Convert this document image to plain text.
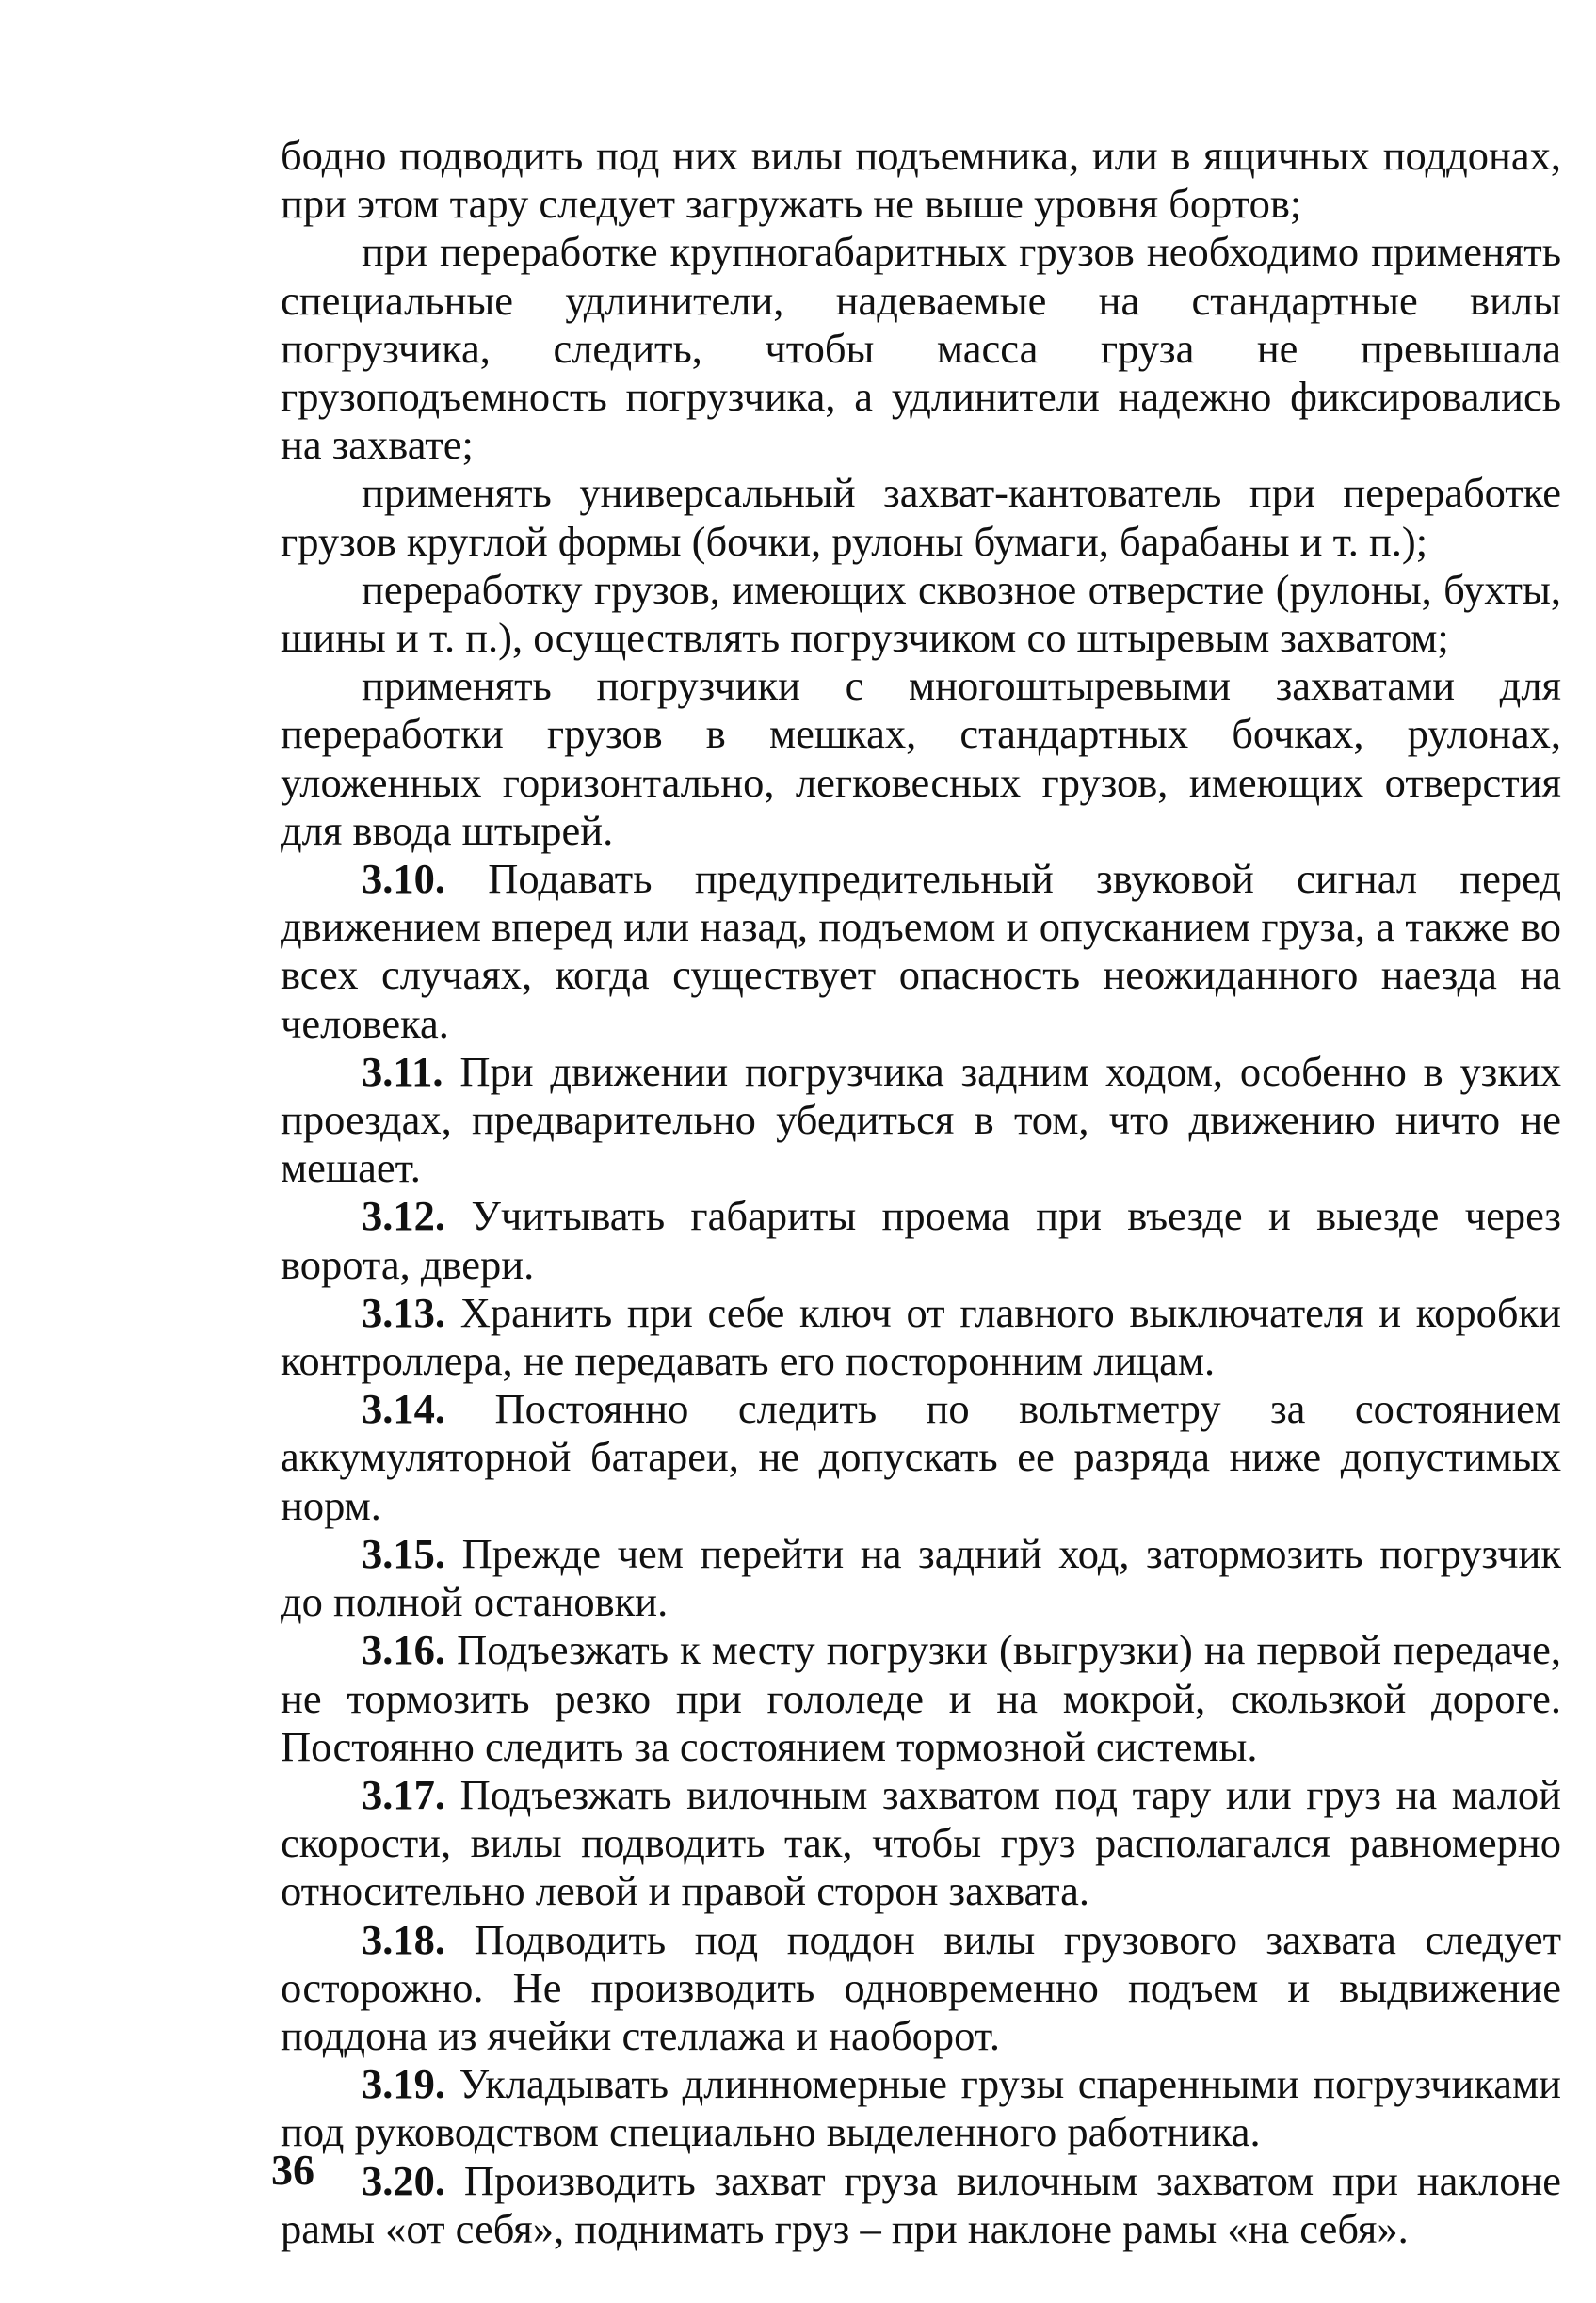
бодно подводить под них вилы подъемника, или в ящичных поддонах, при этом тару следует загружать не выше уровня бортов;

при переработке крупногабаритных грузов необходимо применять специальные удлинители, надеваемые на стандартные вилы погрузчика, следить, чтобы масса груза не превышала грузоподъемность погрузчика, а удлинители надежно фиксировались на захвате;

применять универсальный захват-кантователь при переработке грузов круглой формы (бочки, рулоны бумаги, барабаны и т. п.);

переработку грузов, имеющих сквозное отверстие (рулоны, бухты, шины и т. п.), осуществлять погрузчиком со штыревым захватом;

применять погрузчики с многоштыревыми захватами для переработки грузов в мешках, стандартных бочках, рулонах, уложенных горизонтально, легковесных грузов, имеющих отверстия для ввода штырей.

3.10. Подавать предупредительный звуковой сигнал перед движением вперед или назад, подъемом и опусканием груза, а также во всех случаях, когда существует опасность неожиданного наезда на человека.

3.11. При движении погрузчика задним ходом, особенно в узких проездах, предварительно убедиться в том, что движению ничто не мешает.

3.12. Учитывать габариты проема при въезде и выезде через ворота, двери.

3.13. Хранить при себе ключ от главного выключателя и коробки контроллера, не передавать его посторонним лицам.

3.14. Постоянно следить по вольтметру за состоянием аккумуляторной батареи, не допускать ее разряда ниже допустимых норм.

3.15. Прежде чем перейти на задний ход, затормозить погрузчик до полной остановки.

3.16. Подъезжать к месту погрузки (выгрузки) на первой передаче, не тормозить резко при гололеде и на мокрой, скользкой дороге. Постоянно следить за состоянием тормозной системы.

3.17. Подъезжать вилочным захватом под тару или груз на малой скорости, вилы подводить так, чтобы груз располагался равномерно относительно левой и правой сторон захвата.

3.18. Подводить под поддон вилы грузового захвата следует осторожно. Не производить одновременно подъем и выдвижение поддона из ячейки стеллажа и наоборот.

3.19. Укладывать длинномерные грузы спаренными погрузчиками под руководством специально выделенного работника.

3.20. Производить захват груза вилочным захватом при наклоне рамы «от себя», поднимать груз – при наклоне рамы «на себя».

36
